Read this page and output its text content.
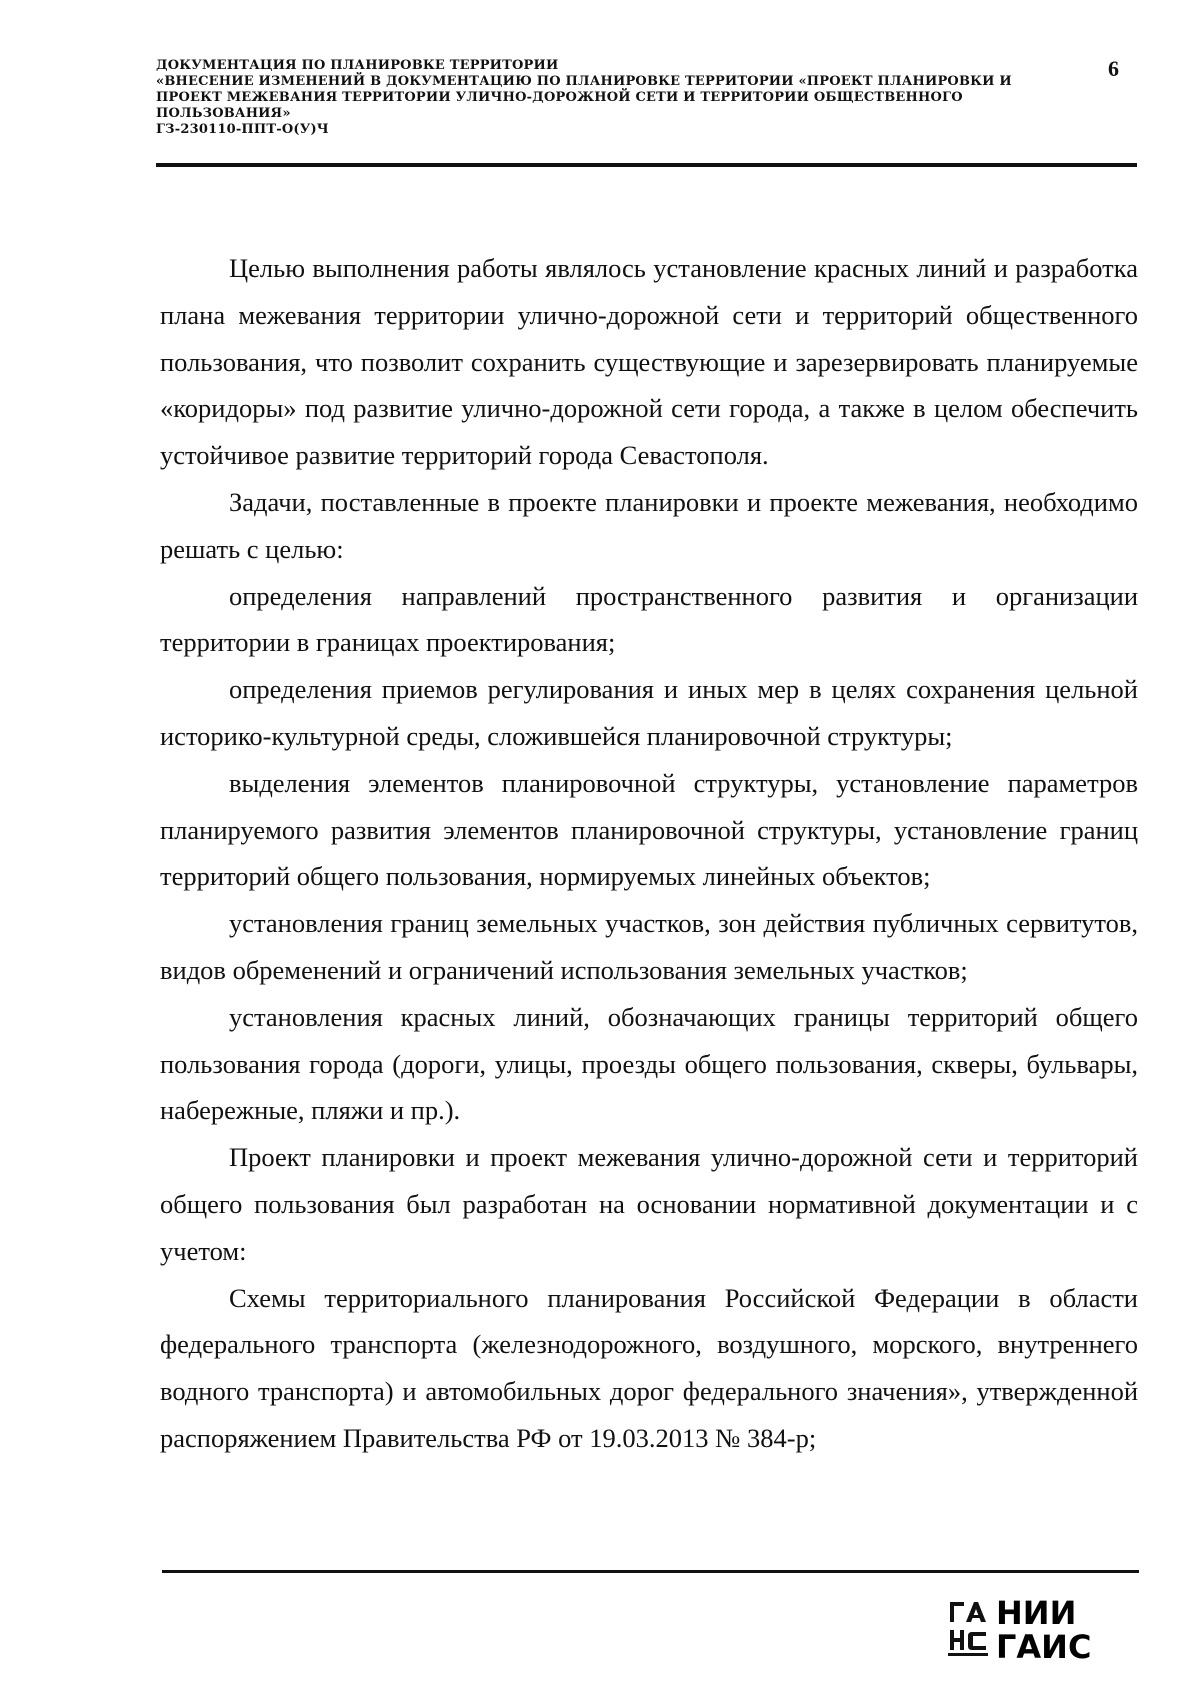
ДОКУМЕНТАЦИЯ ПО ПЛАНИРОВКЕ ТЕРРИТОРИИ
«ВНЕСЕНИЕ ИЗМЕНЕНИЙ В ДОКУМЕНТАЦИЮ ПО ПЛАНИРОВКЕ ТЕРРИТОРИИ «ПРОЕКТ ПЛАНИРОВКИ И
ПРОЕКТ МЕЖЕВАНИЯ ТЕРРИТОРИИ УЛИЧНО-ДОРОЖНОЙ СЕТИ И ТЕРРИТОРИИ ОБЩЕСТВЕННОГО
ПОЛЬЗОВАНИЯ»
ГЗ-230110-ППТ-О(У)Ч
6

Целью выполнения работы являлось установление красных линий и разработка плана межевания территории улично-дорожной сети и территорий общественного пользования, что позволит сохранить существующие и зарезервировать планируемые «коридоры» под развитие улично-дорожной сети города, а также в целом обеспечить устойчивое развитие территорий города Севастополя.

Задачи, поставленные в проекте планировки и проекте межевания, необходимо решать с целью:

определения направлений пространственного развития и организации территории в границах проектирования;

определения приемов регулирования и иных мер в целях сохранения цельной историко-культурной среды, сложившейся планировочной структуры;

выделения элементов планировочной структуры, установление параметров планируемого развития элементов планировочной структуры, установление границ территорий общего пользования, нормируемых линейных объектов;

установления границ земельных участков, зон действия публичных сервитутов, видов обременений и ограничений использования земельных участков;

установления красных линий, обозначающих границы территорий общего пользования города (дороги, улицы, проезды общего пользования, скверы, бульвары, набережные, пляжи и пр.).

Проект планировки и проект межевания улично-дорожной сети и территорий общего пользования был разработан на основании нормативной документации и с учетом:

Схемы территориального планирования Российской Федерации в области федерального транспорта (железнодорожного, воздушного, морского, внутреннего водного транспорта) и автомобильных дорог федерального значения», утвержденной распоряжением Правительства РФ от 19.03.2013 № 384-р;

НИИ
ГАИС
